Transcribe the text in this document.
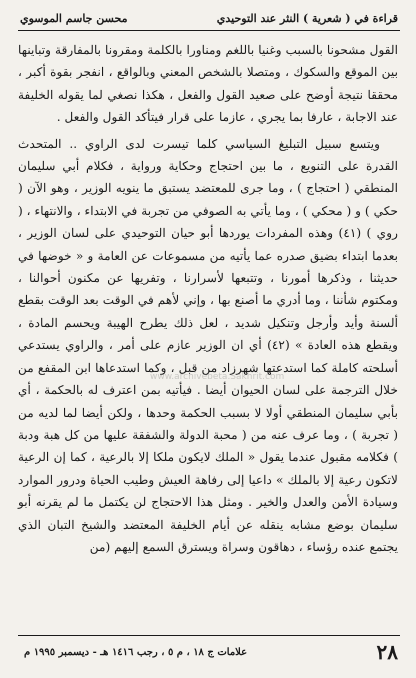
قراءة في ( شعرية ) النثر عند التوحيدي
محسن جاسم الموسوي

القول مشحونا بالسبب وغنيا باللغم ومناورا بالكلمة ومقرونا بالمفارقة وتباينها بين الموقع والسكوك ، ومتصلا بالشخص المعني وبالواقع ، انفجر بقوة أكبر ، محققا نتيجة أوضح على صعيد القول والفعل ، هكذا نصغي لما يقوله الخليفة عند الاجابة ، عارفا بما يجري ، عازما على قرار فيتأكد القول والفعل .

ويتسع سبيل التبليغ السياسي كلما تيسرت لدى الراوي .. المتحدث القدرة على التنويع ، ما بين احتجاج وحكاية ورواية ، فكلام أبي سليمان المنطقي ( احتجاج ) ، وما جرى للمعتضد يستبق ما ينويه الوزير ، وهو الآن ( حكي ) و ( محكي ) ، وما يأتي به الصوفي من تجربة في الابتداء ، والانتهاء ، ( روي ) (٤١) وهذه المفردات يوردها أبو حيان التوحيدي على لسان الوزير ، بعدما ابتداء بضيق صدره عما يأتيه من مسموعات عن العامة و « خوضها في حديثنا ، وذكرها أمورنا ، وتتبعها لأسرارنا ، وتفريها عن مكنون أحوالنا ، ومكتوم شأننا ، وما أدري ما أصنع بها ، وإني لأهم في الوقت بعد الوقت بقطع ألسنة وأيد وأرجل وتنكيل شديد ، لعل ذلك يطرح الهيبة ويحسم المادة ، ويقطع هذه العادة » (٤٢) أي ان الوزير عازم على أمر ، والراوي يستدعي أسلحته كاملة كما استدعتها شهرزاد من قبل ، وكما استدعاها ابن المقفع من خلال الترجمة على لسان الحيوان أيضا . فيأتيه بمن اعترف له بالحكمة ، أي بأبي سليمان المنطقي أولا لا بسبب الحكمة وحدها ، ولكن أيضا لما لديه من ( تجربة ) ، وما عرف عنه من ( محبة الدولة والشفقة عليها من كل هبة ودبة ) فكلامه مقبول عندما يقول « الملك لايكون ملكا إلا بالرعية ، كما إن الرعية لاتكون رعية إلا بالملك » داعيا إلى رفاهة العيش وطيب الحياة ودرور الموارد وسيادة الأمن والعدل والخير . ومثل هذا الاحتجاج لن يكتمل ما لم يقرنه أبو سليمان بوضع مشابه ينقله عن أيام الخليفة المعتضد والشيخ التبان الذي يجتمع عنده رؤساء ، دهاقون وسراة ويسترق السمع إليهم (من

www.archivebeta.Sakhrit.com
٢٨
علامات ج ١٨ ، م ٥ ، رجب ١٤١٦ هـ - ديسمبر ١٩٩٥ م
